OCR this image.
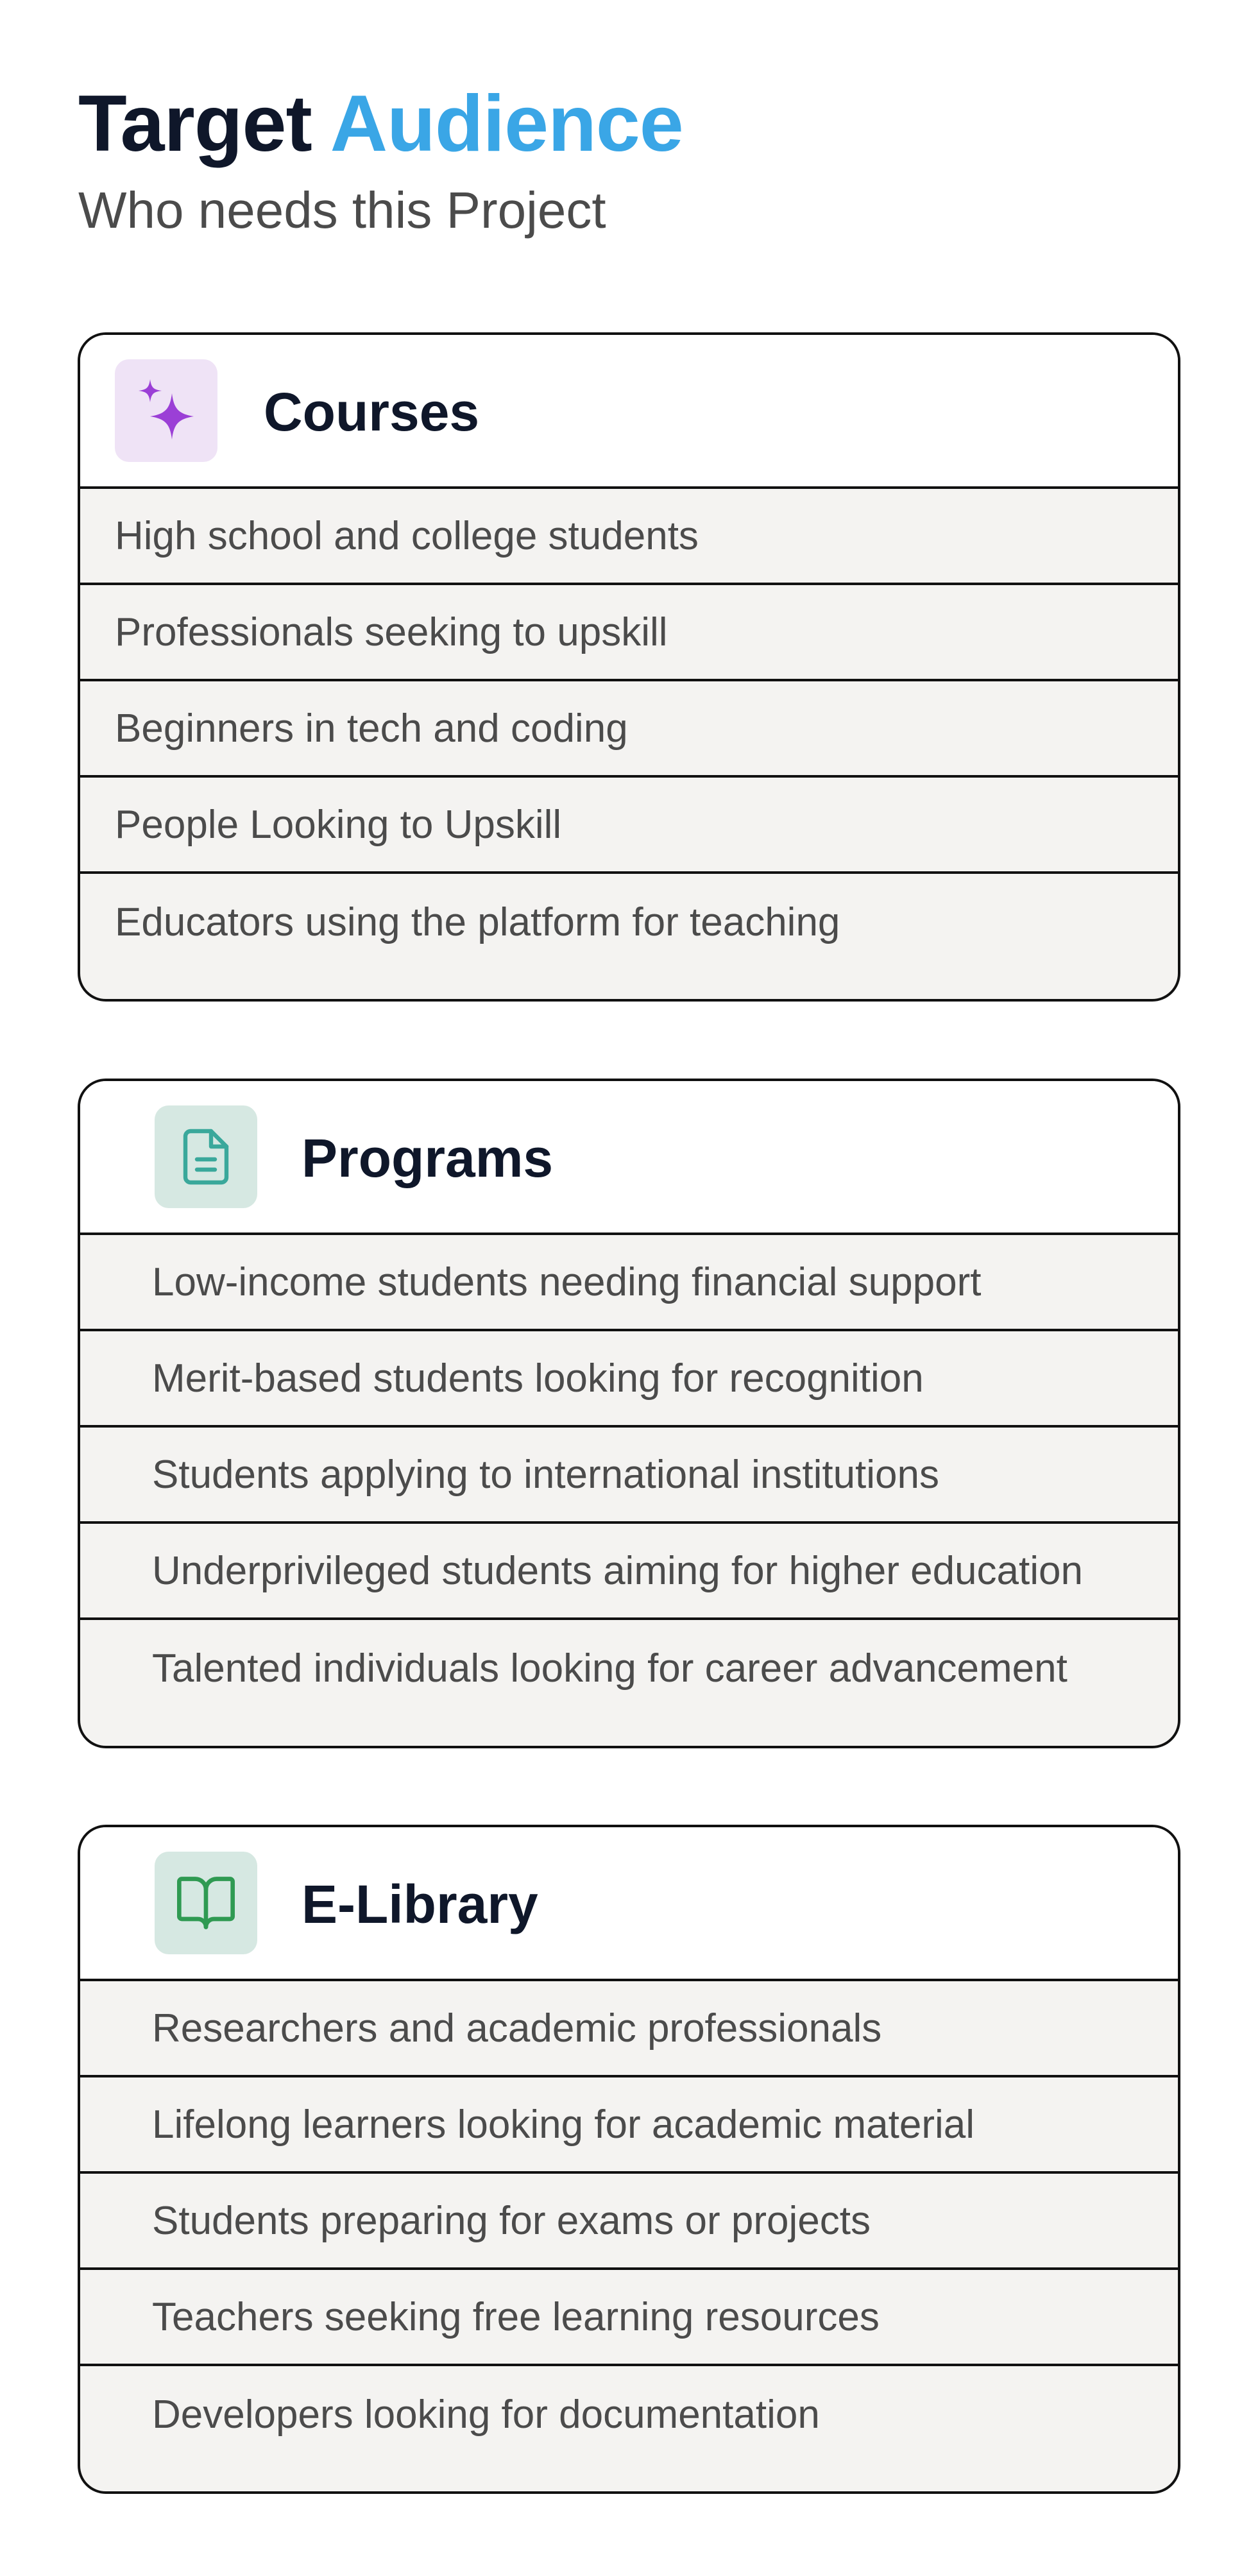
Target Audience

Who needs this Project

Courses
High school and college students
Professionals seeking to upskill
Beginners in tech and coding
People Looking to Upskill
Educators using the platform for teaching
Programs
Low-income students needing financial support
Merit-based students looking for recognition
Students applying to international institutions
Underprivileged students aiming for higher education
Talented individuals looking for career advancement
E-Library
Researchers and academic professionals
Lifelong learners looking for academic material
Students preparing for exams or projects
Teachers seeking free learning resources
Developers looking for documentation
